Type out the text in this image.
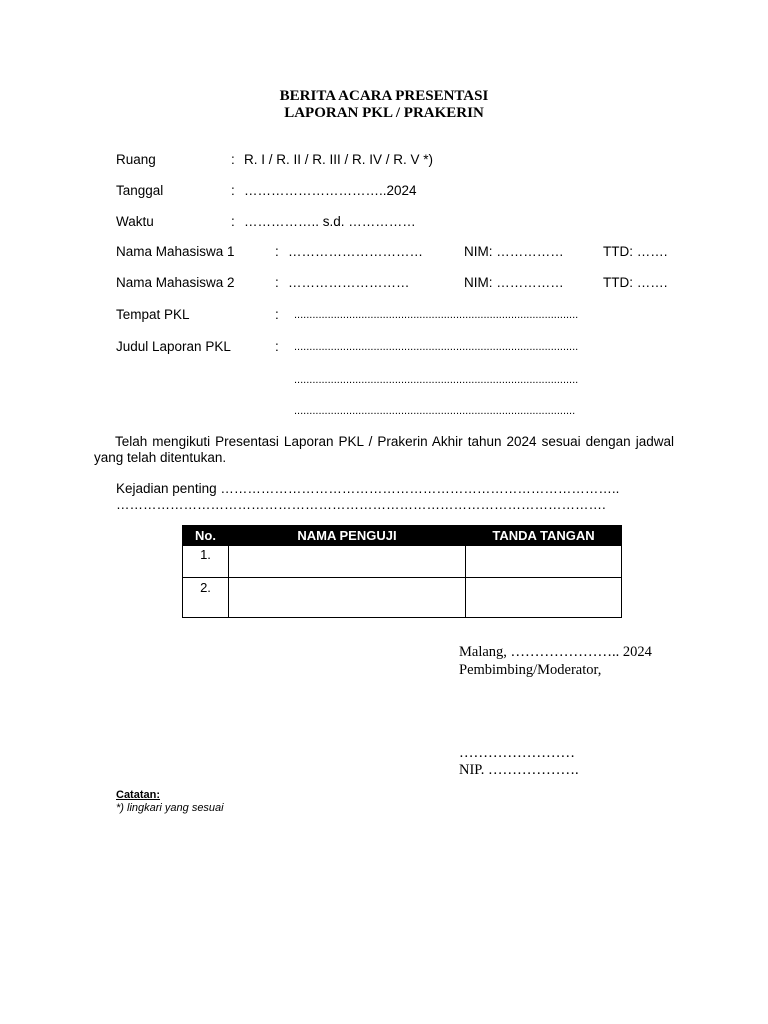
BERITA ACARA PRESENTASI
LAPORAN PKL / PRAKERIN
Ruang	: R. I / R. II / R. III / R. IV / R. V *)
Tanggal	: …………………………..2024
Waktu	: …………….. s.d. ……………
Nama Mahasiswa 1	: …………………………	NIM: ……………	TTD: …….
Nama Mahasiswa 2	: ………………………	NIM: ……………	TTD: …….
Tempat PKL	: .............................................................................................
Judul Laporan PKL	: .............................................................................................
.............................................................................................
............................................................................................
Telah mengikuti Presentasi Laporan PKL / Prakerin Akhir tahun 2024 sesuai dengan jadwal yang telah ditentukan.
Kejadian penting ……………………………………………………………………………..
……………………………………………………………………………………………….
No.	NAMA PENGUJI	TANDA TANGAN
1.		
2.		
Malang, ………………….. 2024
Pembimbing/Moderator,
……………………
NIP. ……………….
Catatan:
*) lingkari yang sesuai
